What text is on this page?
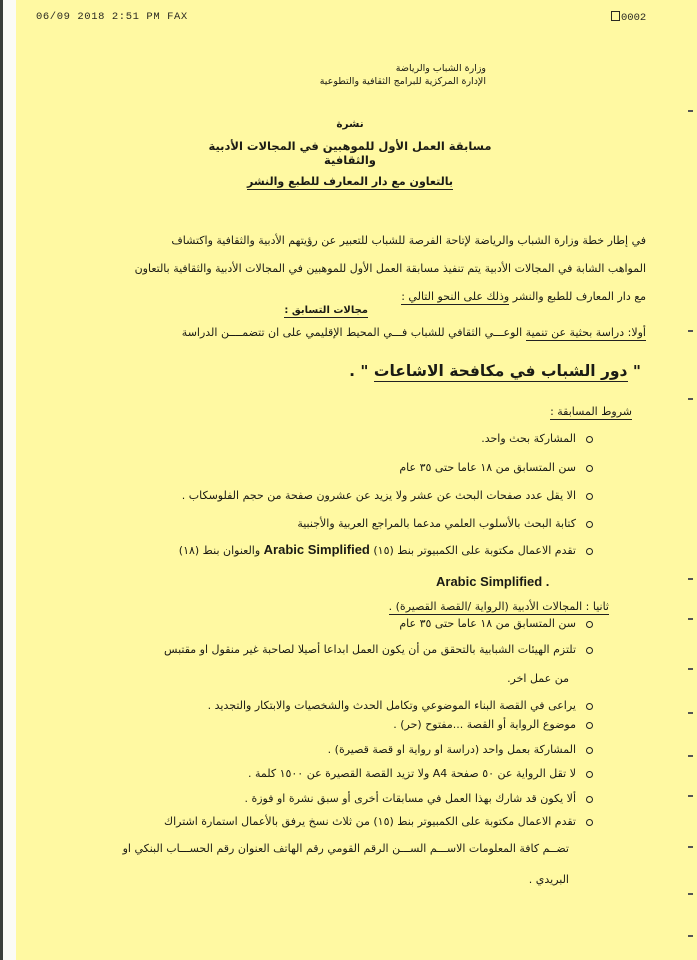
06/09 2018 2:51 PM FAX	0002
وزارة الشباب والرياضة
الإدارة المركزية للبرامج الثقافية والتطوعية
نشرة
مسابقة العمل الأول للموهبين في المجالات الأدبية والثقافية
بالتعاون مع دار المعارف للطبع والنشر
في إطار خطة وزارة الشباب والرياضة لإتاحة الفرصة للشباب للتعبير عن رؤيتهم الأدبية والثقافية واكتشاف
المواهب الشابة في المجالات الأدبية يتم تنفيذ مسابقة العمل الأول للموهبين في المجالات الأدبية والثقافية بالتعاون
مع دار المعارف للطبع والنشر وذلك على النحو التالي :
مجالات التسابق :
أولا: دراسة بحثية عن تنمية الوعـــي الثقافي للشباب فـــي المحيط الإقليمي على ان تتضمــــن الدراسة
" دور الشباب في مكافحة الاشاعات " .
شروط المسابقة :
المشاركة بحث واحد.
سن المتسابق من ١٨ عاما حتى ٣٥ عام
الا يقل عدد صفحات البحث عن عشر ولا يزيد عن عشرون صفحة من حجم الفلوسكاب .
كتابة البحث بالأسلوب العلمي مدعما بالمراجع العربية والأجنبية
تقدم الاعمال مكتوبة على الكمبيوتر بنط (١٥) Arabic Simplified والعنوان بنط (١٨)
Arabic Simplified .
ثانيا : المجالات الأدبية (الرواية /القصة القصيرة) .
سن المتسابق من ١٨ عاما حتى ٣٥ عام
تلتزم الهيئات الشبابية بالتحقق من أن يكون العمل ابداعا أصيلا لصاحبة غير منقول او مقتبس
من عمل اخر.
يراعى في القصة البناء الموضوعي وتكامل الحدث والشخصيات والابتكار والتجديد .
موضوع الرواية أو القصة ...مفتوح (حر) .
المشاركة بعمل واحد (دراسة او رواية او قصة قصيرة) .
لا تقل الرواية عن ٥٠ صفحة A4 ولا تزيد القصة القصيرة عن ١٥٠٠ كلمة .
ألا يكون قد شارك بهذا العمل في مسابقات أخرى أو سبق نشرة او فوزة .
تقدم الاعمال مكتوبة على الكمبيوتر بنط (١٥) من ثلاث نسخ يرفق بالأعمال استمارة اشتراك
تضــم كافة المعلومات الاســـم الســـن الرقم القومي رقم الهاتف العنوان رقم الحســـاب البنكي او
البريدي .
